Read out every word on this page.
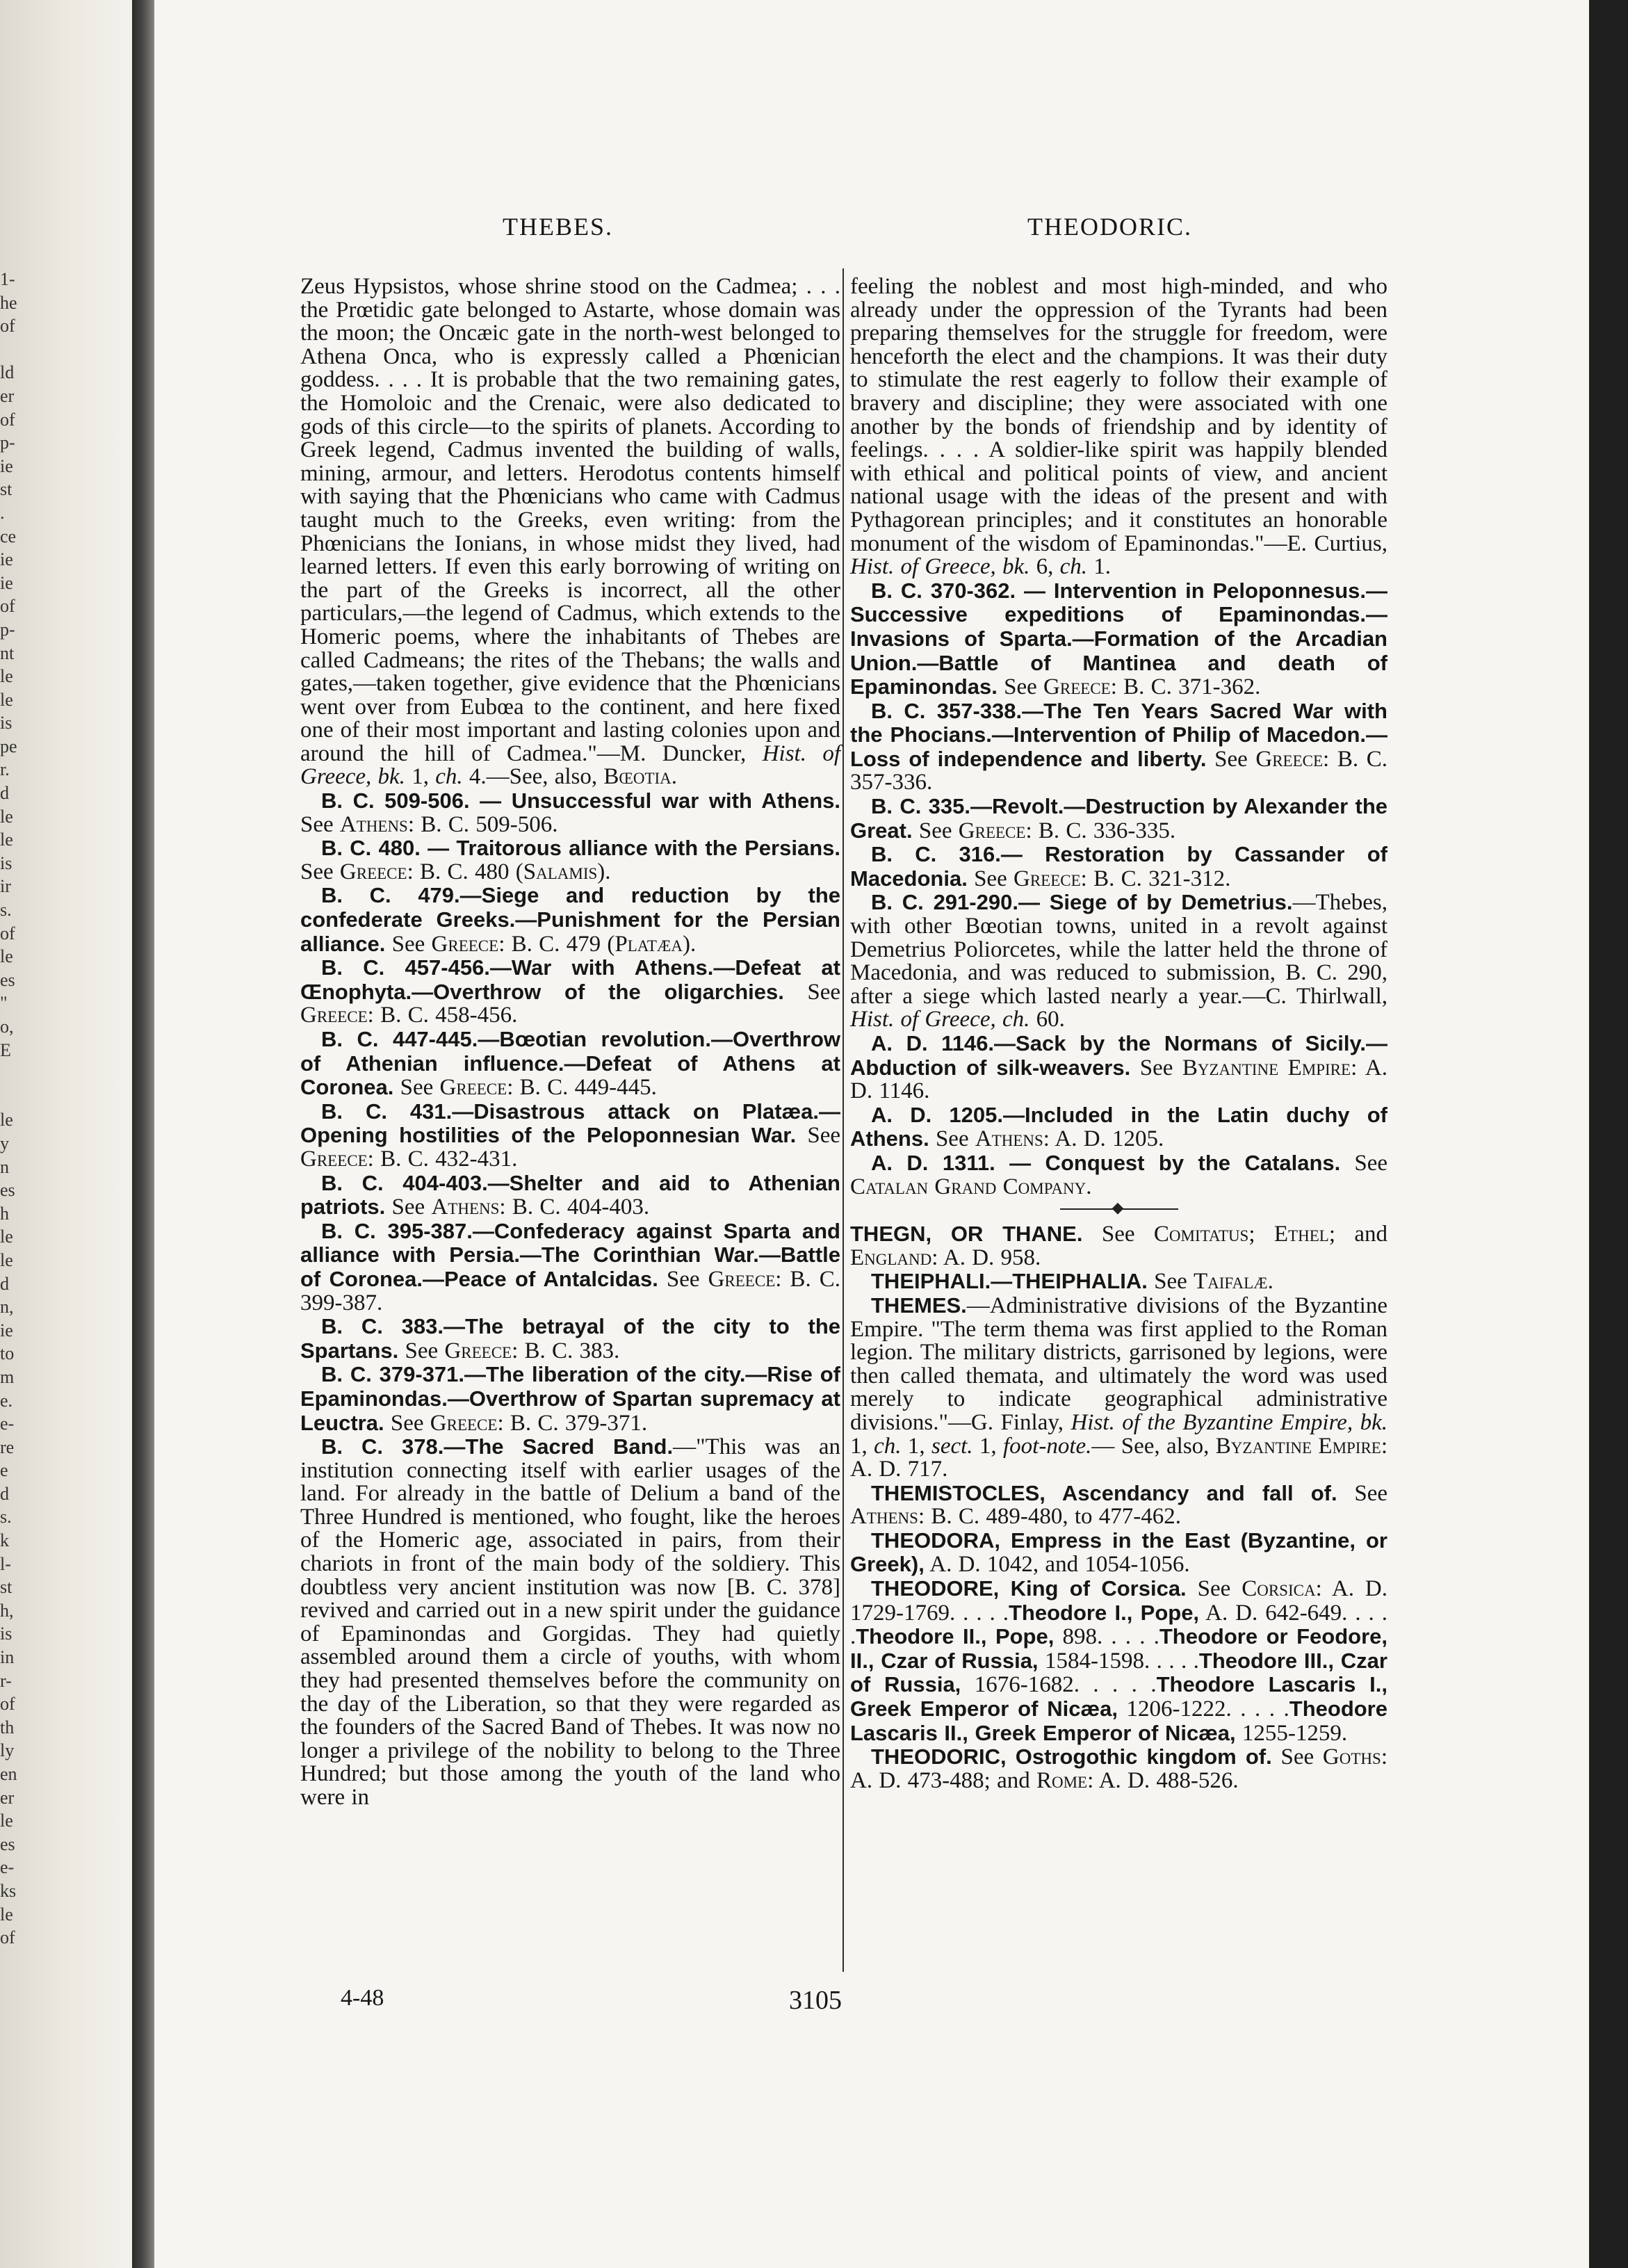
1-
he
of
ld
er
of
p-
ie
st
.
ce
ie
ie
of
p-
nt
le
le
is
pe
r.
d
le
le
is
ir
s.
of
le
es
"
o,
E
le
y
n
es
h
le
le
d
n,
ie
to
m
e.
e-
re
e
d
s.
k
l-
st
h,
is
in
r-
of
th
ly
en
er
le
es
e-
ks
le
of
THEBES.	THEODORIC.

Zeus Hypsistos, whose shrine stood on the Cadmea; . . . the Prœtidic gate belonged to Astarte, whose domain was the moon; the Oncæic gate in the north-west belonged to Athena Onca, who is expressly called a Phœnician goddess. . . . It is probable that the two remaining gates, the Homoloic and the Crenaic, were also dedicated to gods of this circle—to the spirits of planets. According to Greek legend, Cadmus invented the building of walls, mining, armour, and letters. Herodotus contents himself with saying that the Phœnicians who came with Cadmus taught much to the Greeks, even writing: from the Phœnicians the Ionians, in whose midst they lived, had learned letters. If even this early borrowing of writing on the part of the Greeks is incorrect, all the other particulars,—the legend of Cadmus, which extends to the Homeric poems, where the inhabitants of Thebes are called Cadmeans; the rites of the Thebans; the walls and gates,—taken together, give evidence that the Phœnicians went over from Eubœa to the continent, and here fixed one of their most important and lasting colonies upon and around the hill of Cadmea."—M. Duncker, Hist. of Greece, bk. 1, ch. 4.—See, also, Bœotia.

B. C. 509-506. — Unsuccessful war with Athens. See Athens: B. C. 509-506.

B. C. 480. — Traitorous alliance with the Persians. See Greece: B. C. 480 (Salamis).

B. C. 479.—Siege and reduction by the confederate Greeks.—Punishment for the Persian alliance. See Greece: B. C. 479 (Platæa).

B. C. 457-456.—War with Athens.—Defeat at Œnophyta.—Overthrow of the oligarchies. See Greece: B. C. 458-456.

B. C. 447-445.—Bœotian revolution.—Overthrow of Athenian influence.—Defeat of Athens at Coronea. See Greece: B. C. 449-445.

B. C. 431.—Disastrous attack on Platæa.—Opening hostilities of the Peloponnesian War. See Greece: B. C. 432-431.

B. C. 404-403.—Shelter and aid to Athenian patriots. See Athens: B. C. 404-403.

B. C. 395-387.—Confederacy against Sparta and alliance with Persia.—The Corinthian War.—Battle of Coronea.—Peace of Antalcidas. See Greece: B. C. 399-387.

B. C. 383.—The betrayal of the city to the Spartans. See Greece: B. C. 383.

B. C. 379-371.—The liberation of the city.—Rise of Epaminondas.—Overthrow of Spartan supremacy at Leuctra. See Greece: B. C. 379-371.

B. C. 378.—The Sacred Band.—"This was an institution connecting itself with earlier usages of the land. For already in the battle of Delium a band of the Three Hundred is mentioned, who fought, like the heroes of the Homeric age, associated in pairs, from their chariots in front of the main body of the soldiery. This doubtless very ancient institution was now [B. C. 378] revived and carried out in a new spirit under the guidance of Epaminondas and Gorgidas. They had quietly assembled around them a circle of youths, with whom they had presented themselves before the community on the day of the Liberation, so that they were regarded as the founders of the Sacred Band of Thebes. It was now no longer a privilege of the nobility to belong to the Three Hundred; but those among the youth of the land who were in

feeling the noblest and most high-minded, and who already under the oppression of the Tyrants had been preparing themselves for the struggle for freedom, were henceforth the elect and the champions. It was their duty to stimulate the rest eagerly to follow their example of bravery and discipline; they were associated with one another by the bonds of friendship and by identity of feelings. . . . A soldier-like spirit was happily blended with ethical and political points of view, and ancient national usage with the ideas of the present and with Pythagorean principles; and it constitutes an honorable monument of the wisdom of Epaminondas."—E. Curtius, Hist. of Greece, bk. 6, ch. 1.

B. C. 370-362. — Intervention in Peloponnesus.—Successive expeditions of Epaminondas.—Invasions of Sparta.—Formation of the Arcadian Union.—Battle of Mantinea and death of Epaminondas. See Greece: B. C. 371-362.

B. C. 357-338.—The Ten Years Sacred War with the Phocians.—Intervention of Philip of Macedon.—Loss of independence and liberty. See Greece: B. C. 357-336.

B. C. 335.—Revolt.—Destruction by Alexander the Great. See Greece: B. C. 336-335.

B. C. 316.— Restoration by Cassander of Macedonia. See Greece: B. C. 321-312.

B. C. 291-290.— Siege of by Demetrius.—Thebes, with other Bœotian towns, united in a revolt against Demetrius Poliorcetes, while the latter held the throne of Macedonia, and was reduced to submission, B. C. 290, after a siege which lasted nearly a year.—C. Thirlwall, Hist. of Greece, ch. 60.

A. D. 1146.—Sack by the Normans of Sicily.—Abduction of silk-weavers. See Byzantine Empire: A. D. 1146.

A. D. 1205.—Included in the Latin duchy of Athens. See Athens: A. D. 1205.

A. D. 1311. — Conquest by the Catalans. See Catalan Grand Company.

◆

THEGN, OR THANE. See Comitatus; Ethel; and England: A. D. 958.

THEIPHALI.—THEIPHALIA. See Taifalæ.

THEMES.—Administrative divisions of the Byzantine Empire. "The term thema was first applied to the Roman legion. The military districts, garrisoned by legions, were then called themata, and ultimately the word was used merely to indicate geographical administrative divisions."—G. Finlay, Hist. of the Byzantine Empire, bk. 1, ch. 1, sect. 1, foot-note.— See, also, Byzantine Empire: A. D. 717.

THEMISTOCLES, Ascendancy and fall of. See Athens: B. C. 489-480, to 477-462.

THEODORA, Empress in the East (Byzantine, or Greek), A. D. 1042, and 1054-1056.

THEODORE, King of Corsica. See Corsica: A. D. 1729-1769. . . . .Theodore I., Pope, A. D. 642-649. . . . .Theodore II., Pope, 898. . . . .Theodore or Feodore, II., Czar of Russia, 1584-1598. . . . .Theodore III., Czar of Russia, 1676-1682. . . . .Theodore Lascaris I., Greek Emperor of Nicæa, 1206-1222. . . . .Theodore Lascaris II., Greek Emperor of Nicæa, 1255-1259.

THEODORIC, Ostrogothic kingdom of. See Goths: A. D. 473-488; and Rome: A. D. 488-526.

4-48	3105
